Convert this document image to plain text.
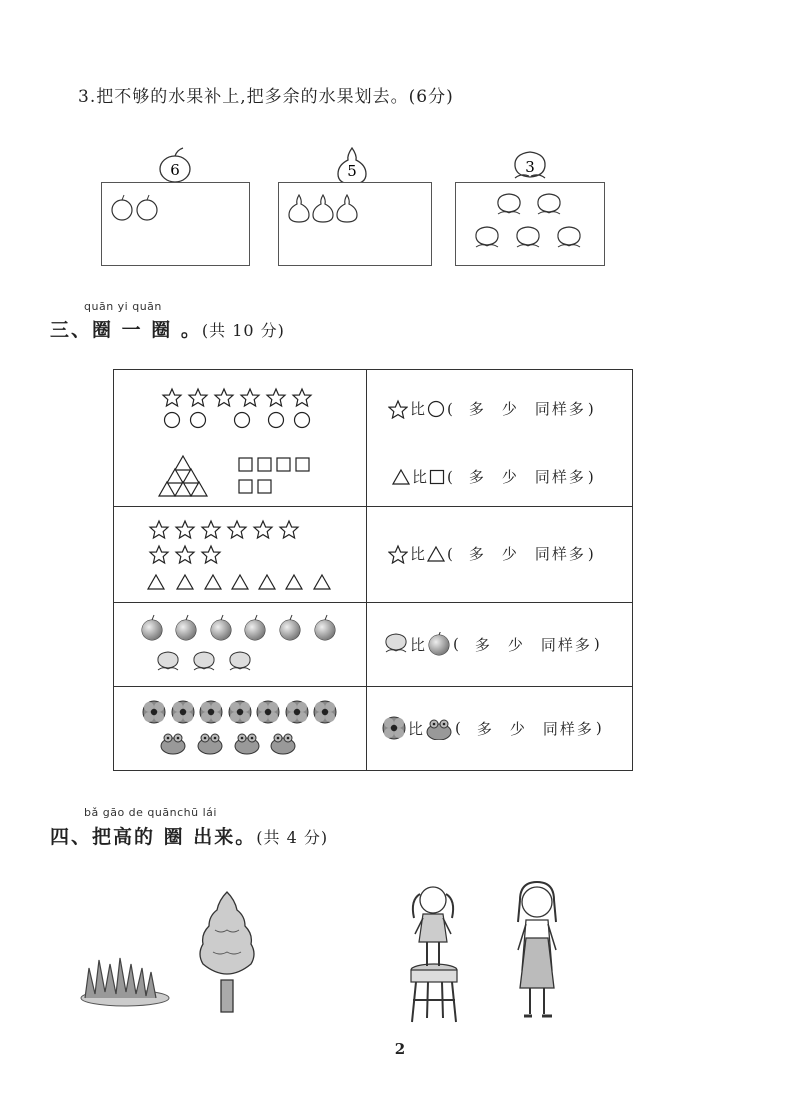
3.把不够的水果补上,把多余的水果划去。(6分)
6	5	3
quān yi quān
三、圈 一 圈 。(共 10 分)
比 ( 多 少 同样多 )
比 ( 多 少 同样多 )
比 ( 多 少 同样多 )
比 ( 多 少 同样多 )
比 ( 多 少 同样多 )
bǎ gāo de quānchū lái
四、把高的 圈 出来。(共 4 分)
2
